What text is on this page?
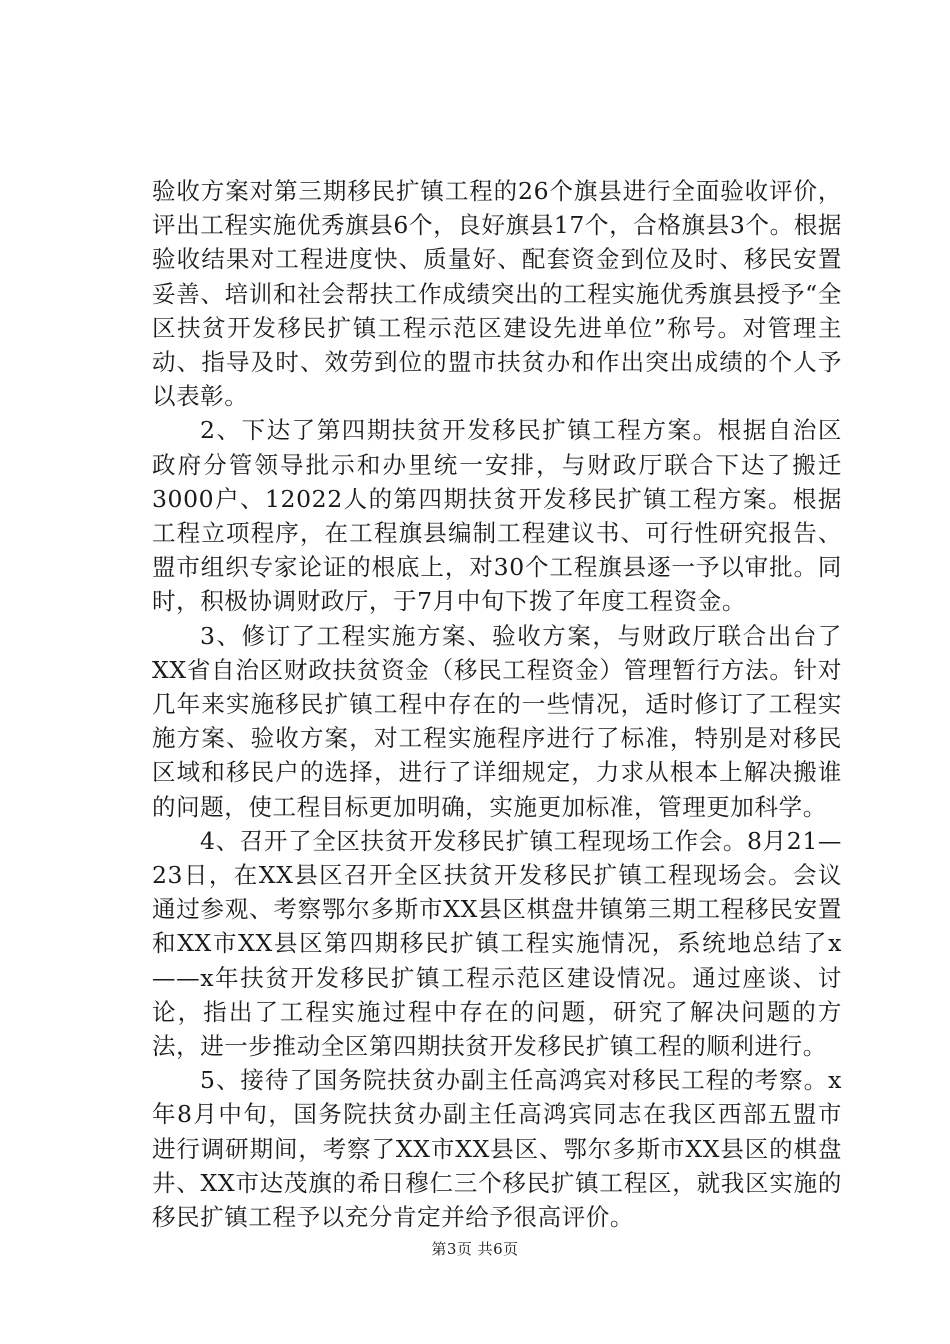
验收方案对第三期移民扩镇工程的26个旗县进行全面验收评价，评出工程实施优秀旗县6个，良好旗县17个，合格旗县3个。根据验收结果对工程进度快、质量好、配套资金到位及时、移民安置妥善、培训和社会帮扶工作成绩突出的工程实施优秀旗县授予“全区扶贫开发移民扩镇工程示范区建设先进单位”称号。对管理主动、指导及时、效劳到位的盟市扶贫办和作出突出成绩的个人予以表彰。

2、下达了第四期扶贫开发移民扩镇工程方案。根据自治区政府分管领导批示和办里统一安排，与财政厅联合下达了搬迁3000户、12022人的第四期扶贫开发移民扩镇工程方案。根据工程立项程序，在工程旗县编制工程建议书、可行性研究报告、盟市组织专家论证的根底上，对30个工程旗县逐一予以审批。同时，积极协调财政厅，于7月中旬下拨了年度工程资金。

3、修订了工程实施方案、验收方案，与财政厅联合出台了XX省自治区财政扶贫资金（移民工程资金）管理暂行方法。针对几年来实施移民扩镇工程中存在的一些情况，适时修订了工程实施方案、验收方案，对工程实施程序进行了标准，特别是对移民区域和移民户的选择，进行了详细规定，力求从根本上解决搬谁的问题，使工程目标更加明确，实施更加标准，管理更加科学。

4、召开了全区扶贫开发移民扩镇工程现场工作会。8月21—23日，在XX县区召开全区扶贫开发移民扩镇工程现场会。会议通过参观、考察鄂尔多斯市XX县区棋盘井镇第三期工程移民安置和XX市XX县区第四期移民扩镇工程实施情况，系统地总结了x——x年扶贫开发移民扩镇工程示范区建设情况。通过座谈、讨论，指出了工程实施过程中存在的问题，研究了解决问题的方法，进一步推动全区第四期扶贫开发移民扩镇工程的顺利进行。

5、接待了国务院扶贫办副主任高鸿宾对移民工程的考察。x年8月中旬，国务院扶贫办副主任高鸿宾同志在我区西部五盟市进行调研期间，考察了XX市XX县区、鄂尔多斯市XX县区的棋盘井、XX市达茂旗的希日穆仁三个移民扩镇工程区，就我区实施的移民扩镇工程予以充分肯定并给予很高评价。

第3页 共6页
